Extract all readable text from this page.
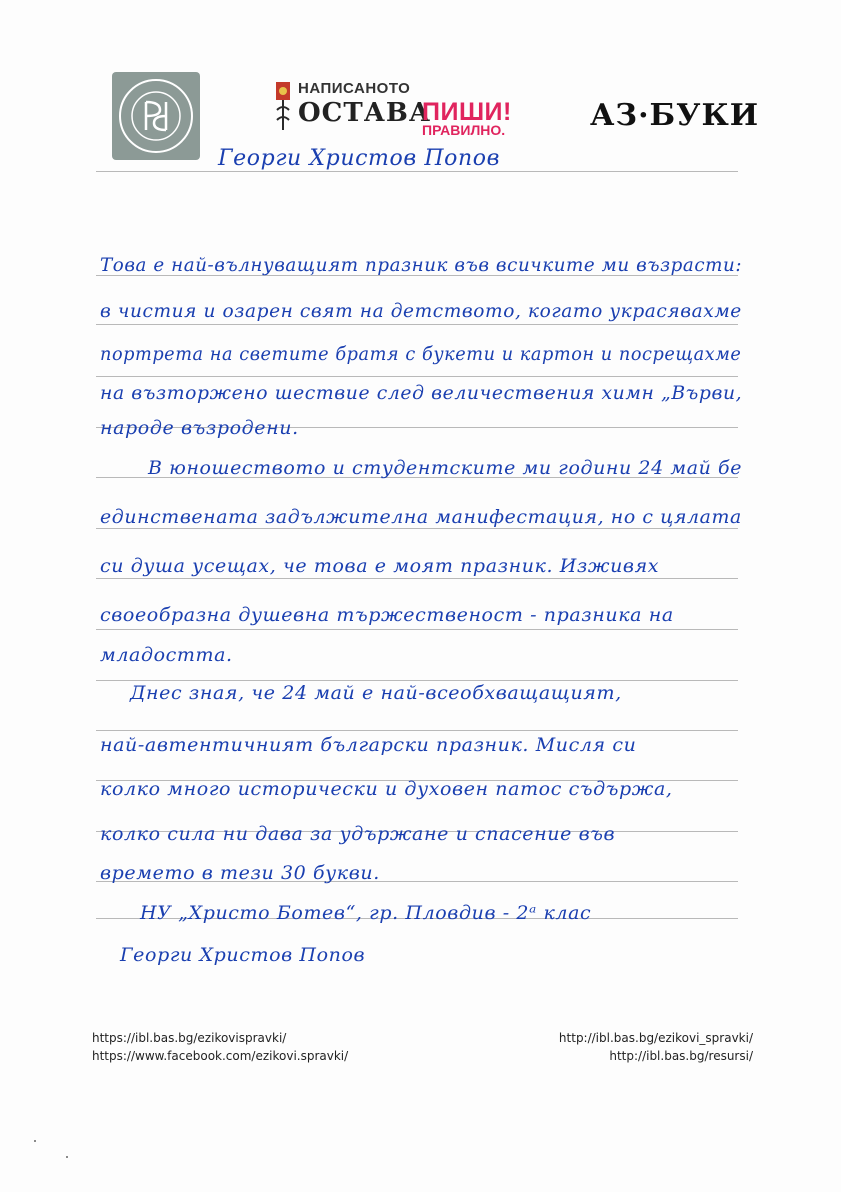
НАПИСАНОТО
ОСТАВА
ПИШИ!
ПРАВИЛНО.	АЗ·БУКИ
Георги Христов Попов
Това е най-вълнуващият празник във всичките ми възрасти:
в чистия и озарен свят на детството, когато украсявахме
портрета на светите братя с букети и картон и посрещахме
на възторжено шествие след величествения химн „Върви,
народе възродени.
В юношеството и студентските ми години 24 май бе
единствената задължителна манифестация, но с цялата
си душа усещах, че това е моят празник. Изживях
своеобразна душевна тържественост - празника на
младостта.
Днес зная, че 24 май е най-всеобхващащият,
най-автентичният български празник. Мисля си
колко много исторически и духовен патос съдържа,
колко сила ни дава за удържане и спасение във
времето в тези 30 букви.
НУ „Христо Ботев“, гр. Пловдив - 2ᵃ клас
Георги Христов Попов
https://ibl.bas.bg/ezikovispravki/
https://www.facebook.com/ezikovi.spravki/
http://ibl.bas.bg/ezikovi_spravki/
http://ibl.bas.bg/resursi/
